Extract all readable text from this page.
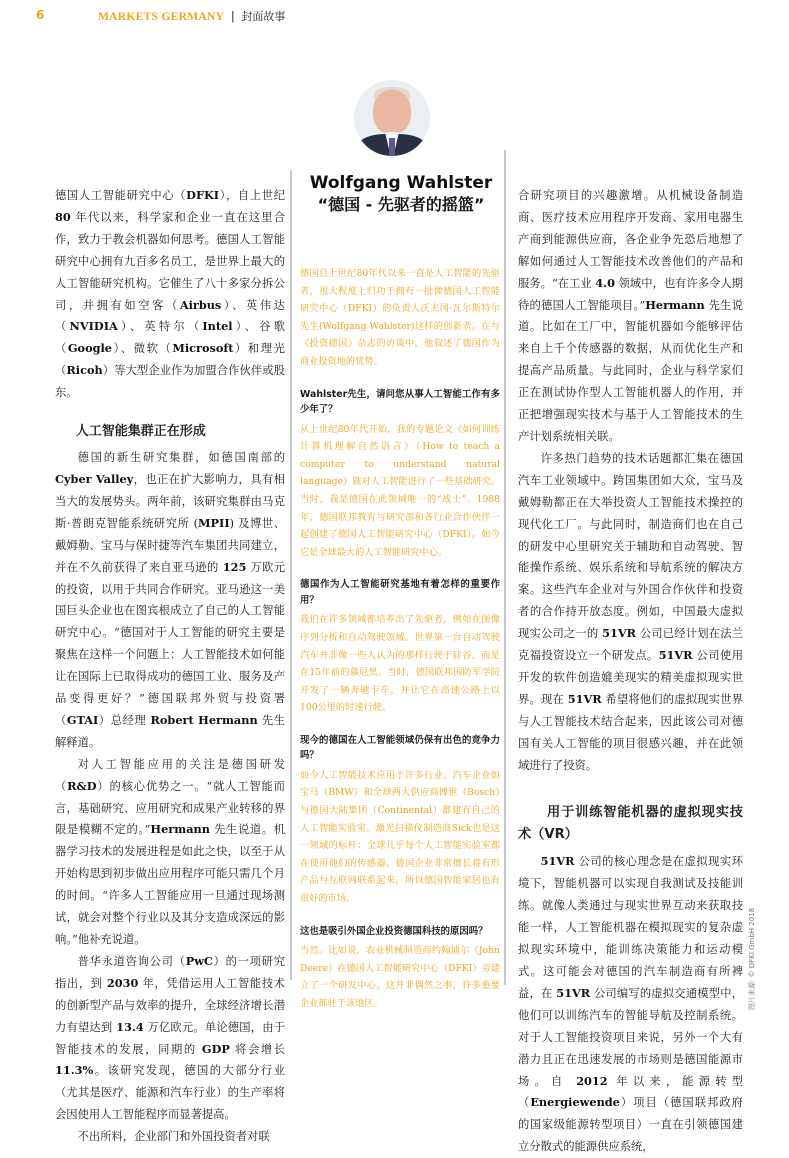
6	MARKETS GERMANY | 封面故事

德国人工智能研究中心（DFKI），自上世纪80 年代以来，科学家和企业一直在这里合作，致力于教会机器如何思考。德国人工智能研究中心拥有九百多名员工，是世界上最大的人工智能研究机构。它催生了八十多家分拆公司，并拥有如空客（Airbus）、英伟达（NVIDIA）、英特尔（Intel）、谷歌（Google）、微软（Microsoft）和理光（Ricoh）等大型企业作为加盟合作伙伴或股东。

人工智能集群正在形成

德国的新生研究集群，如德国南部的 Cyber Valley，也正在扩大影响力，具有相当大的发展势头。两年前，该研究集群由马克斯·普朗克智能系统研究所 (MPII) 及博世、戴姆勒、宝马与保时捷等汽车集团共同建立，并在不久前获得了来自亚马逊的 125 万欧元的投资，以用于共同合作研究。亚马逊这一美国巨头企业也在图宾根成立了自己的人工智能研究中心。“德国对于人工智能的研究主要是聚焦在这样一个问题上：人工智能技术如何能让在国际上已取得成功的德国工业、服务及产品变得更好？”德国联邦外贸与投资署（GTAI）总经理 Robert Hermann 先生解释道。

对人工智能应用的关注是德国研发（R&D）的核心优势之一。“就人工智能而言，基础研究、应用研究和成果产业转移的界限是模糊不定的。”Hermann 先生说道。机器学习技术的发展进程是如此之快，以至于从开始构思到初步做出应用程序可能只需几个月的时间。“许多人工智能应用一旦通过现场测试，就会对整个行业以及其分支造成深远的影响。”他补充说道。

普华永道咨询公司（PwC）的一项研究指出，到 2030 年，凭借运用人工智能技术的创新型产品与效率的提升，全球经济增长潜力有望达到 13.4 万亿欧元。单论德国，由于智能技术的发展，同期的 GDP 将会增长 11.3%。该研究发现，德国的大部分行业（尤其是医疗、能源和汽车行业）的生产率将会因使用人工智能程序而显著提高。

不出所料，企业部门和外国投资者对联

Wolfgang Wahlster
“德国 - 先驱者的摇篮”

德国自上世纪80年代以来一直是人工智能的先驱者，很大程度上归功于拥有一批像德国人工智能研究中心（DFKI）的负责人沃夫冈·瓦尔斯特尔先生(Wolfgang Wahlster)这样的创新者。在与《投资德国》杂志的访谈中，他叙述了德国作为商业投资地的优势。

Wahlster先生，请问您从事人工智能工作有多少年了？

从上世纪80年代开始，我的专题论文《如何训练计算机理解自然语言》（How to teach a computer to understand natural language）就对人工智能进行了一些基础研究。当时，我是德国在此领域唯一的“战士”。1988年，德国联邦教育与研究部和各行业合作伙伴一起创建了德国人工智能研究中心（DFKI）。如今它是全球最大的人工智能研究中心。

德国作为人工智能研究基地有着怎样的重要作用？

我们在许多领域都培养出了先驱者，例如在图像序列分析和自动驾驶领域。世界第一台自动驾驶汽车并非像一些人认为的那样行驶于硅谷，而是在15年前的慕尼黑。当时，德国联邦国防军学院开发了一辆奔驰卡车，并让它在高速公路上以100公里的时速行驶。

现今的德国在人工智能领域仍保有出色的竞争力吗？

如今人工智能技术应用于许多行业。汽车企业如宝马（BMW）和全球两大供应商博世（Bosch）与德国大陆集团（Continental）都建有自己的人工智能实验室。激光扫描仪制造商Sick也是这一领域的标杆：全球几乎每个人工智能实验室都在使用他们的传感器。德国企业非常擅长将有形产品与互联网联系起来，所以德国智能家居也有很好的市场。

这也是吸引外国企业投资德国科技的原因吗？

当然。比如说，农业机械制造商约翰迪尔（John Deere）在德国人工智能研究中心（DFKI）旁建立了一个研发中心。这并非偶然之事，许多重要企业都驻于该地区。

合研究项目的兴趣激增。从机械设备制造商、医疗技术应用程序开发商、家用电器生产商到能源供应商，各企业争先恐后地想了解如何通过人工智能技术改善他们的产品和服务。“在工业 4.0 领域中，也有许多令人期待的德国人工智能项目。”Hermann 先生说道。比如在工厂中，智能机器如今能够评估来自上千个传感器的数据，从而优化生产和提高产品质量。与此同时，企业与科学家们正在测试协作型人工智能机器人的作用，并正把增强现实技术与基于人工智能技术的生产计划系统相关联。

许多热门趋势的技术话题都汇集在德国汽车工业领域中。跨国集团如大众，宝马及戴姆勒都正在大举投资人工智能技术操控的现代化工厂。与此同时，制造商们也在自己的研发中心里研究关于辅助和自动驾驶、智能操作系统、娱乐系统和导航系统的解决方案。这些汽车企业对与外国合作伙伴和投资者的合作持开放态度。例如，中国最大虚拟现实公司之一的 51VR 公司已经计划在法兰克福投资设立一个研发点。51VR 公司使用开发的软件创造媲美现实的精美虚拟现实世界。现在 51VR 希望将他们的虚拟现实世界与人工智能技术结合起来，因此该公司对德国有关人工智能的项目很感兴趣，并在此领域进行了投资。

用于训练智能机器的虚拟现实技术（VR）

51VR 公司的核心理念是在虚拟现实环境下，智能机器可以实现自我测试及技能训练。就像人类通过与现实世界互动来获取技能一样，人工智能机器在模拟现实的复杂虚拟现实环境中，能训练决策能力和运动模式。这可能会对德国的汽车制造商有所裨益，在 51VR 公司编写的虚拟交通模型中，他们可以训练汽车的智能导航及控制系统。对于人工智能投资项目来说，另外一个大有潜力且正在迅速发展的市场则是德国能源市场。自 2012 年以来，能源转型（Energiewende）项目（德国联邦政府的国家级能源转型项目）一直在引领德国建立分散式的能源供应系统，

图片来源: © DFKI GmbH 2018
